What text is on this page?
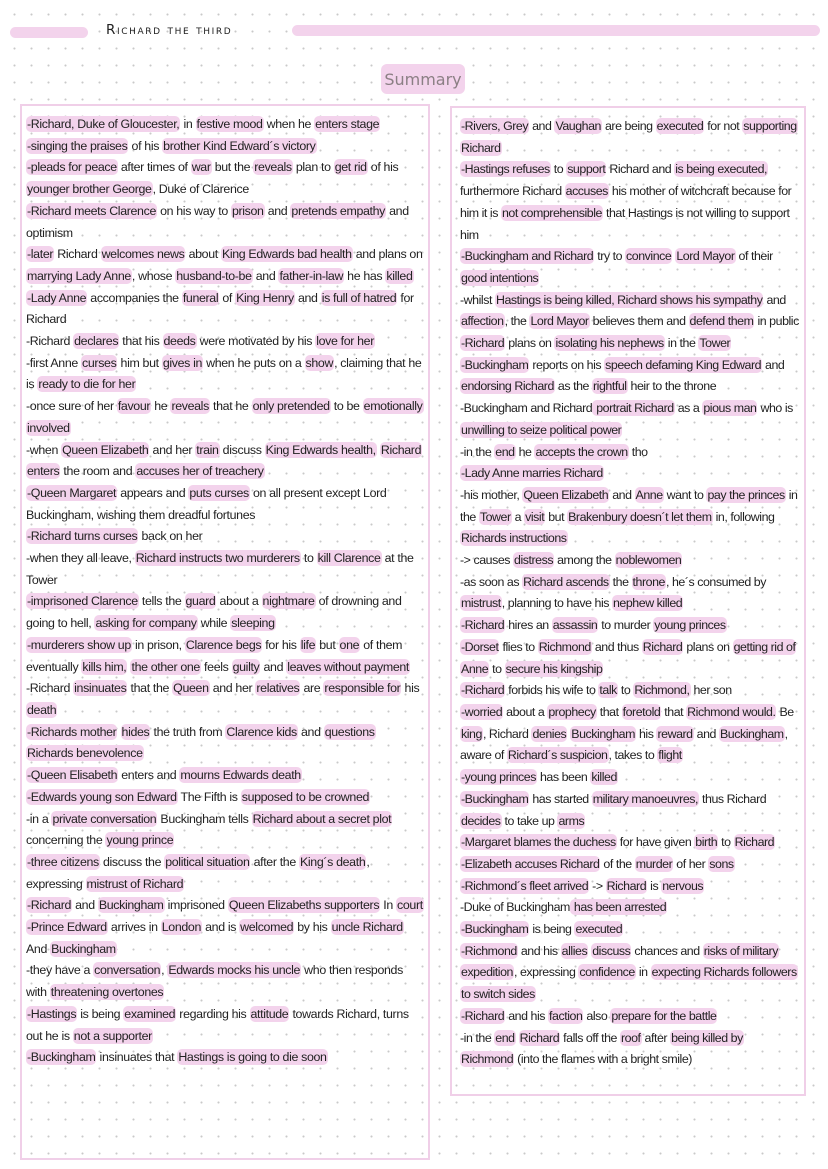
Richard the third
Summary

-Richard, Duke of Gloucester, in festive mood when he enters stage

-singing the praises of his brother Kind Edward´s victory

-pleads for peace after times of war but the reveals plan to get rid of his younger brother George, Duke of Clarence

-Richard meets Clarence on his way to prison and pretends empathy and optimism

-later Richard welcomes news about King Edwards bad health and plans on marrying Lady Anne, whose husband-to-be and father-in-law he has killed

-Lady Anne accompanies the funeral of King Henry and is full of hatred for Richard

-Richard declares that his deeds were motivated by his love for her

-first Anne curses him but gives in when he puts on a show, claiming that he is ready to die for her

-once sure of her favour he reveals that he only pretended to be emotionally involved

-when Queen Elizabeth and her train discuss King Edwards health, Richard enters the room and accuses her of treachery

-Queen Margaret appears and puts curses on all present except Lord Buckingham, wishing them dreadful fortunes

-Richard turns curses back on her

-when they all leave, Richard instructs two murderers to kill Clarence at the Tower

-imprisoned Clarence tells the guard about a nightmare of drowning and going to hell, asking for company while sleeping

-murderers show up in prison, Clarence begs for his life but one of them eventually kills him, the other one feels guilty and leaves without payment

-Richard insinuates that the Queen and her relatives are responsible for his death

-Richards mother hides the truth from Clarence kids and questions Richards benevolence

-Queen Elisabeth enters and mourns Edwards death

-Edwards young son Edward The Fifth is supposed to be crowned

-in a private conversation Buckingham tells Richard about a secret plot concerning the young prince

-three citizens discuss the political situation after the King´s death, expressing mistrust of Richard

-Richard and Buckingham imprisoned Queen Elizabeths supporters In court

-Prince Edward arrives in London and is welcomed by his uncle Richard And Buckingham

-they have a conversation, Edwards mocks his uncle who then responds with threatening overtones

-Hastings is being examined regarding his attitude towards Richard, turns out he is not a supporter

-Buckingham insinuates that Hastings is going to die soon

-Rivers, Grey and Vaughan are being executed for not supporting Richard

-Hastings refuses to support Richard and is being executed, furthermore Richard accuses his mother of witchcraft because for him it is not comprehensible that Hastings is not willing to support him

-Buckingham and Richard try to convince Lord Mayor of their good intentions

-whilst Hastings is being killed, Richard shows his sympathy and affection, the Lord Mayor believes them and defend them in public

-Richard plans on isolating his nephews in the Tower

-Buckingham reports on his speech defaming King Edward and endorsing Richard as the rightful heir to the throne

-Buckingham and Richard portrait Richard as a pious man who is unwilling to seize political power

-in the end he accepts the crown tho

-Lady Anne marries Richard

-his mother, Queen Elizabeth and Anne want to pay the princes in the Tower a visit but Brakenbury doesn´t let them in, following Richards instructions

-> causes distress among the noblewomen

-as soon as Richard ascends the throne, he´s consumed by mistrust, planning to have his nephew killed

-Richard hires an assassin to murder young princes

-Dorset flies to Richmond and thus Richard plans on getting rid of Anne to secure his kingship

-Richard forbids his wife to talk to Richmond, her son

-worried about a prophecy that foretold that Richmond would. Be king, Richard denies Buckingham his reward and Buckingham, aware of Richard´s suspicion, takes to flight

-young princes has been killed

-Buckingham has started military manoeuvres, thus Richard decides to take up arms

-Margaret blames the duchess for have given birth to Richard

-Elizabeth accuses Richard of the murder of her sons

-Richmond´s fleet arrived -> Richard is nervous

-Duke of Buckingham has been arrested

-Buckingham is being executed

-Richmond and his allies discuss chances and risks of military expedition, expressing confidence in expecting Richards followers to switch sides

-Richard and his faction also prepare for the battle

-in the end Richard falls off the roof after being killed by Richmond (into the flames with a bright smile)
